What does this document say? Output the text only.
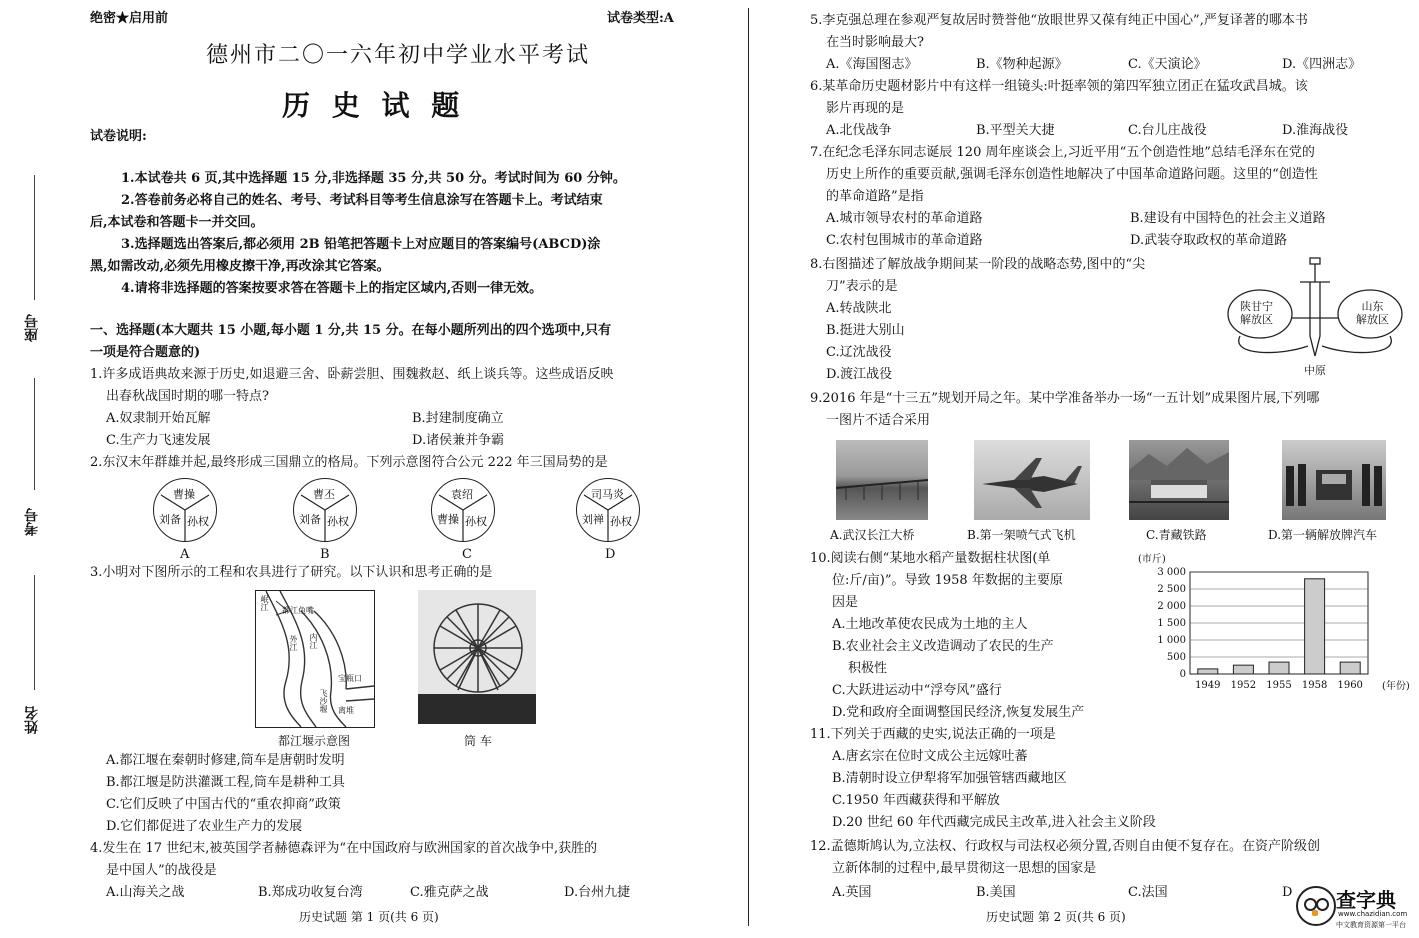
绝密★启用前	试卷类型:A
德州市二〇一六年初中学业水平考试
历 史 试 题
试卷说明:
1.本试卷共 6 页,其中选择题 15 分,非选择题 35 分,共 50 分。考试时间为 60 分钟。
2.答卷前务必将自己的姓名、考号、考试科目等考生信息涂写在答题卡上。考试结束
后,本试卷和答题卡一并交回。
3.选择题选出答案后,都必须用 2B 铅笔把答题卡上对应题目的答案编号(ABCD)涂
黑,如需改动,必须先用橡皮擦干净,再改涂其它答案。
4.请将非选择题的答案按要求答在答题卡上的指定区域内,否则一律无效。
座号
考号
姓名
一、选择题(本大题共 15 小题,每小题 1 分,共 15 分。在每小题所列出的四个选项中,只有
一项是符合题意的)
1.许多成语典故来源于历史,如退避三舍、卧薪尝胆、围魏救赵、纸上谈兵等。这些成语反映
出春秋战国时期的哪一特点?
A.奴隶制开始瓦解	B.封建制度确立
C.生产力飞速发展	D.诸侯兼并争霸
2.东汉末年群雄并起,最终形成三国鼎立的格局。下列示意图符合公元 222 年三国局势的是
曹操
刘备 孙权
A
曹丕
刘备 孙权
B
袁绍
曹操 孙权
C
司马炎
刘禅 孙权
D
3.小明对下图所示的工程和农具进行了研究。以下认识和思考正确的是
岷江 都江鱼嘴
内江
外江
宝瓶口
离堆
飞沙堰
都江堰示意图	筒 车
A.都江堰在秦朝时修建,筒车是唐朝时发明
B.都江堰是防洪灌溉工程,筒车是耕种工具
C.它们反映了中国古代的“重农抑商”政策
D.它们都促进了农业生产力的发展
4.发生在 17 世纪末,被英国学者赫德森评为“在中国政府与欧洲国家的首次战争中,获胜的
是中国人”的战役是
A.山海关之战	B.郑成功收复台湾	C.雅克萨之战	D.台州九捷
历史试题 第 1 页(共 6 页)
5.李克强总理在参观严复故居时赞誉他“放眼世界又葆有纯正中国心”,严复译著的哪本书
在当时影响最大?
A.《海国图志》	B.《物种起源》	C.《天演论》	D.《四洲志》
6.某革命历史题材影片中有这样一组镜头:叶挺率领的第四军独立团正在猛攻武昌城。该
影片再现的是
A.北伐战争	B.平型关大捷	C.台儿庄战役	D.淮海战役
7.在纪念毛泽东同志诞辰 120 周年座谈会上,习近平用“五个创造性地”总结毛泽东在党的
历史上所作的重要贡献,强调毛泽东创造性地解决了中国革命道路问题。这里的“创造性
的革命道路”是指
A.城市领导农村的革命道路	B.建设有中国特色的社会主义道路
C.农村包围城市的革命道路	D.武装夺取政权的革命道路
8.右图描述了解放战争期间某一阶段的战略态势,图中的“尖
刀”表示的是
A.转战陕北
B.挺进大别山
C.辽沈战役
D.渡江战役
陕甘宁
解放区
山东
解放区
中原
9.2016 年是“十三五”规划开局之年。某中学准备举办一场“一五计划”成果图片展,下列哪
一图片不适合采用
A.武汉长江大桥	B.第一架喷气式飞机	C.青藏铁路	D.第一辆解放牌汽车
10.阅读右侧“某地水稻产量数据柱状图(单
位:斤/亩)”。导致 1958 年数据的主要原
因是
A.土地改革使农民成为土地的主人
B.农业社会主义改造调动了农民的生产
积极性
C.大跃进运动中“浮夸风”盛行
D.党和政府全面调整国民经济,恢复发展生产
(市斤)
(年份)
0
500
1 000
1 500
2 000
2 500
3 000
1949 1952 1955 1958 1960
11.下列关于西藏的史实,说法正确的一项是
A.唐玄宗在位时文成公主远嫁吐蕃
B.清朝时设立伊犁将军加强管辖西藏地区
C.1950 年西藏获得和平解放
D.20 世纪 60 年代西藏完成民主改革,进入社会主义阶段
12.孟德斯鸠认为,立法权、行政权与司法权必须分置,否则自由便不复存在。在资产阶级创
立新体制的过程中,最早贯彻这一思想的国家是
A.英国	B.美国	C.法国	D
历史试题 第 2 页(共 6 页)
查字典
www.chazidian.com
中文教育资源第一平台
